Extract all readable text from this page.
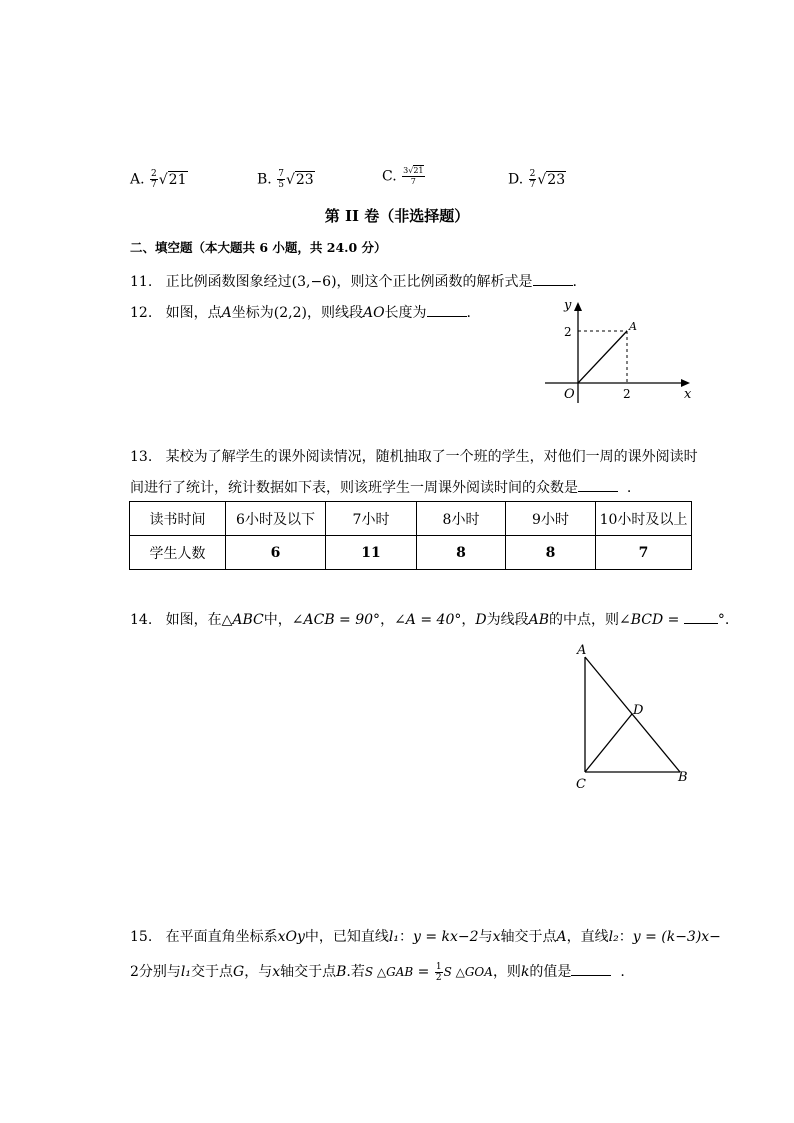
A. $\frac{2}{7} √21$	B. $\frac{7}{5} √23$	C. $\frac{3√21}{7}$	D. $\frac{2}{7} √23$
第 II 卷（非选择题）
二、填空题（本大题共 6 小题，共 24.0 分）
11. 正比例函数图象经过(3,−6)，则这个正比例函数的解析式是	.
12. 如图，点A坐标为(2,2)，则线段AO长度为	.	y
x
O
A
2
2
13. 某校为了解学生的课外阅读情况，随机抽取了一个班的学生，对他们一周的课外阅读时
间进行了统计，统计数据如下表，则该班学生一周课外阅读时间的众数是	.
读书时间	6小时及以下	7小时	8小时	9小时	10小时及以上
学生人数	6	11	8	8	7
14. 如图，在△ABC中，∠ACB = 90°，∠A = 40°，D为线段AB的中点，则∠BCD =	°.
A
B
C
D
15. 在平面直角坐标系xOy中，已知直线l₁：y = kx−2与x轴交于点A，直线l₂：y = (k−3)x−
2分别与l₁交于点G，与x轴交于点B.若S △GAB = $\frac{1}{2}$ S △GOA，则k的值是	.
